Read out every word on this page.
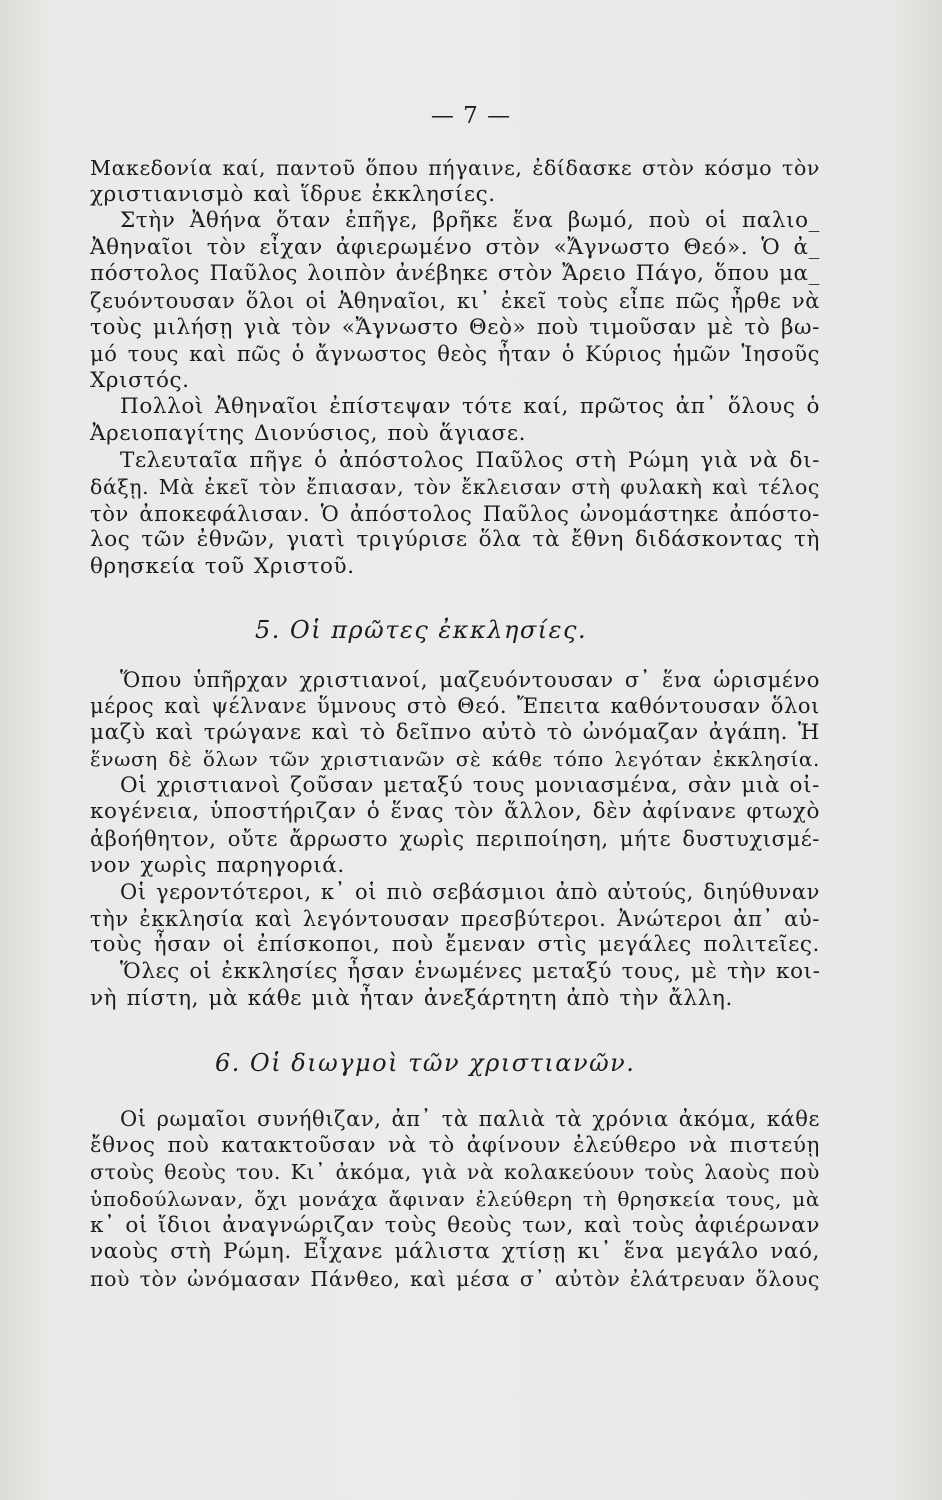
— 7 —
Μακεδονία καί, παντοῦ ὅπου πήγαινε, ἐδίδασκε στὸν κόσμο τὸν
χριστιανισμὸ καὶ ἵδρυε ἐκκλησίες.
Στὴν Ἀθήνα ὅταν ἐπῆγε, βρῆκε ἕνα βωμό, ποὺ οἱ παλιο_
Ἀθηναῖοι τὸν εἶχαν ἀφιερωμένο στὸν «Ἄγνωστο Θεό». Ὁ ἀ_
πόστολος Παῦλος λοιπὸν ἀνέβηκε στὸν Ἄρειο Πάγο, ὅπου μα_
ζευόντουσαν ὅλοι οἱ Ἀθηναῖοι, κι᾽ ἐκεῖ τοὺς εἶπε πῶς ἦρθε νὰ
τοὺς μιλήσῃ γιὰ τὸν «Ἄγνωστο Θεὸ» ποὺ τιμοῦσαν μὲ τὸ βω-
μό τους καὶ πῶς ὁ ἄγνωστος θεὸς ἦταν ὁ Κύριος ἡμῶν Ἰησοῦς
Χριστός.
Πολλοὶ Ἀθηναῖοι ἐπίστεψαν τότε καί, πρῶτος ἀπ᾽ ὅλους ὁ
Ἀρειοπαγίτης Διονύσιος, ποὺ ἅγιασε.
Τελευταῖα πῆγε ὁ ἀπόστολος Παῦλος στὴ Ρώμη γιὰ νὰ δι-
δάξῃ. Μὰ ἐκεῖ τὸν ἔπιασαν, τὸν ἔκλεισαν στὴ φυλακὴ καὶ τέλος
τὸν ἀποκεφάλισαν. Ὁ ἀπόστολος Παῦλος ὠνομάστηκε ἀπόστο-
λος τῶν ἐθνῶν, γιατὶ τριγύρισε ὅλα τὰ ἔθνη διδάσκοντας τὴ
θρησκεία τοῦ Χριστοῦ.
5. Οἱ πρῶτες ἐκκλησίες.
Ὅπου ὑπῆρχαν χριστιανοί, μαζευόντουσαν σ᾽ ἕνα ὡρισμένο
μέρος καὶ ψέλνανε ὕμνους στὸ Θεό. Ἔπειτα καθόντουσαν ὅλοι
μαζὺ καὶ τρώγανε καὶ τὸ δεῖπνο αὐτὸ τὸ ὠνόμαζαν ἀγάπη. Ἡ
ἕνωση δὲ ὅλων τῶν χριστιανῶν σὲ κάθε τόπο λεγόταν ἐκκλησία.
Οἱ χριστιανοὶ ζοῦσαν μεταξύ τους μονιασμένα, σὰν μιὰ οἰ-
κογένεια, ὑποστήριζαν ὁ ἕνας τὸν ἄλλον, δὲν ἀφίνανε φτωχὸ
ἀβοήθητον, οὔτε ἄρρωστο χωρὶς περιποίηση, μήτε δυστυχισμέ-
νον χωρὶς παρηγοριά.
Οἱ γεροντότεροι, κ᾽ οἱ πιὸ σεβάσμιοι ἀπὸ αὐτούς, διηύθυναν
τὴν ἐκκλησία καὶ λεγόντουσαν πρεσβύτεροι. Ἀνώτεροι ἀπ᾽ αὐ-
τοὺς ἦσαν οἱ ἐπίσκοποι, ποὺ ἔμεναν στὶς μεγάλες πολιτεῖες.
Ὅλες οἱ ἐκκλησίες ἦσαν ἑνωμένες μεταξύ τους, μὲ τὴν κοι-
νὴ πίστη, μὰ κάθε μιὰ ἦταν ἀνεξάρτητη ἀπὸ τὴν ἄλλη.
6. Οἱ διωγμοὶ τῶν χριστιανῶν.
Οἱ ρωμαῖοι συνήθιζαν, ἀπ᾽ τὰ παλιὰ τὰ χρόνια ἀκόμα, κάθε
ἔθνος ποὺ κατακτοῦσαν νὰ τὸ ἀφίνουν ἐλεύθερο νὰ πιστεύῃ
στοὺς θεοὺς του. Κι᾽ ἀκόμα, γιὰ νὰ κολακεύουν τοὺς λαοὺς ποὺ
ὑποδούλωναν, ὄχι μονάχα ἄφιναν ἐλεύθερη τὴ θρησκεία τους, μὰ
κ᾽ οἱ ἴδιοι ἀναγνώριζαν τοὺς θεοὺς των, καὶ τοὺς ἀφιέρωναν
ναοὺς στὴ Ρώμη. Εἶχανε μάλιστα χτίσῃ κι᾽ ἕνα μεγάλο ναό,
ποὺ τὸν ὠνόμασαν Πάνθεο, καὶ μέσα σ᾽ αὐτὸν ἐλάτρευαν ὅλους
